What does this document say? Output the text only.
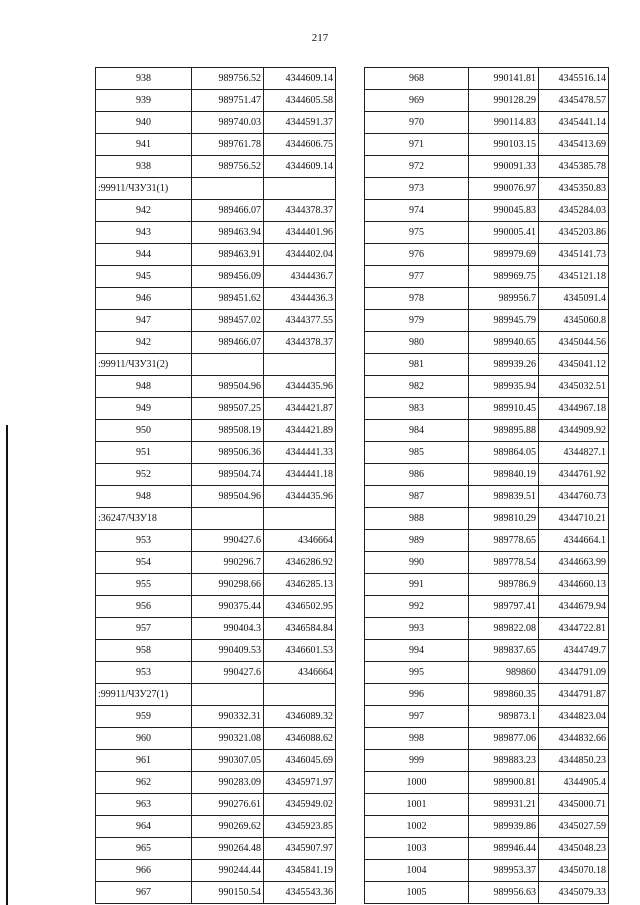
217
938	989756.52	4344609.14
939	989751.47	4344605.58
940	989740.03	4344591.37
941	989761.78	4344606.75
938	989756.52	4344609.14
:99911/ЧЗУ31(1)		
942	989466.07	4344378.37
943	989463.94	4344401.96
944	989463.91	4344402.04
945	989456.09	4344436.7
946	989451.62	4344436.3
947	989457.02	4344377.55
942	989466.07	4344378.37
:99911/ЧЗУ31(2)		
948	989504.96	4344435.96
949	989507.25	4344421.87
950	989508.19	4344421.89
951	989506.36	4344441.33
952	989504.74	4344441.18
948	989504.96	4344435.96
:36247/ЧЗУ18		
953	990427.6	4346664
954	990296.7	4346286.92
955	990298.66	4346285.13
956	990375.44	4346502.95
957	990404.3	4346584.84
958	990409.53	4346601.53
953	990427.6	4346664
:99911/ЧЗУ27(1)		
959	990332.31	4346089.32
960	990321.08	4346088.62
961	990307.05	4346045.69
962	990283.09	4345971.97
963	990276.61	4345949.02
964	990269.62	4345923.85
965	990264.48	4345907.97
966	990244.44	4345841.19
967	990150.54	4345543.36
968	990141.81	4345516.14
969	990128.29	4345478.57
970	990114.83	4345441.14
971	990103.15	4345413.69
972	990091.33	4345385.78
973	990076.97	4345350.83
974	990045.83	4345284.03
975	990005.41	4345203.86
976	989979.69	4345141.73
977	989969.75	4345121.18
978	989956.7	4345091.4
979	989945.79	4345060.8
980	989940.65	4345044.56
981	989939.26	4345041.12
982	989935.94	4345032.51
983	989910.45	4344967.18
984	989895.88	4344909.92
985	989864.05	4344827.1
986	989840.19	4344761.92
987	989839.51	4344760.73
988	989810.29	4344710.21
989	989778.65	4344664.1
990	989778.54	4344663.99
991	989786.9	4344660.13
992	989797.41	4344679.94
993	989822.08	4344722.81
994	989837.65	4344749.7
995	989860	4344791.09
996	989860.35	4344791.87
997	989873.1	4344823.04
998	989877.06	4344832.66
999	989883.23	4344850.23
1000	989900.81	4344905.4
1001	989931.21	4345000.71
1002	989939.86	4345027.59
1003	989946.44	4345048.23
1004	989953.37	4345070.18
1005	989956.63	4345079.33
